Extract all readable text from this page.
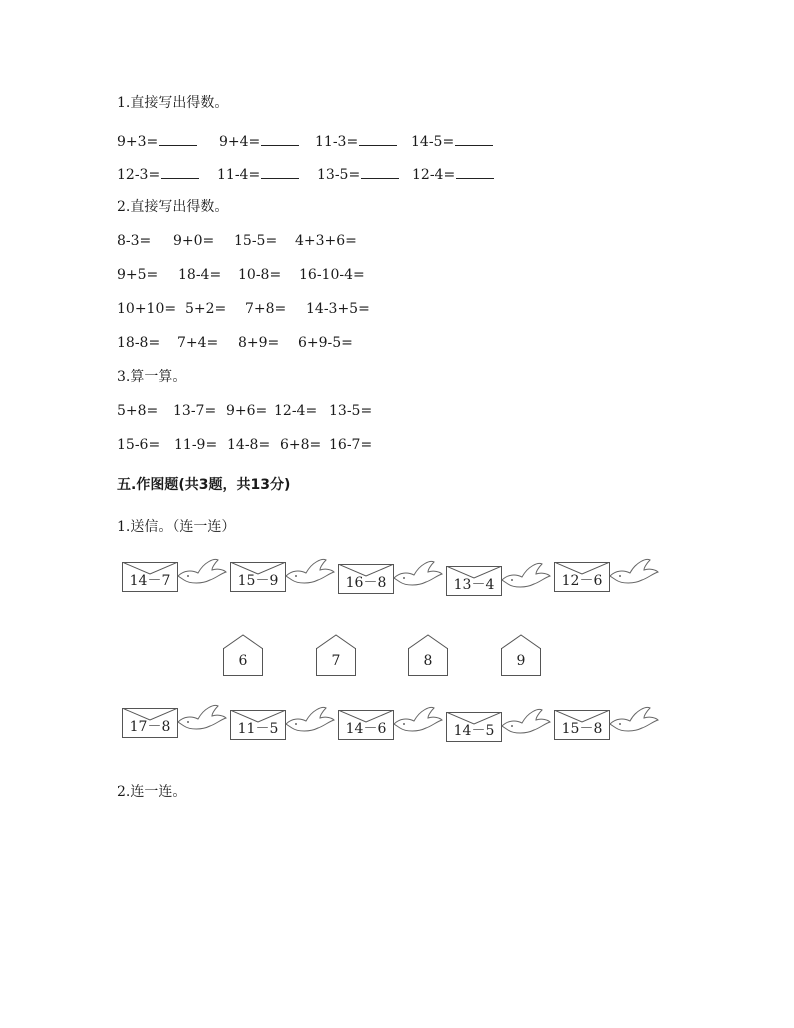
1.直接写出得数。
9+3=	9+4=	11-3=	14-5=
12-3=	11-4=	13-5=	12-4=
2.直接写出得数。
8-3= 9+0= 15-5= 4+3+6=
9+5= 18-4= 10-8= 16-10-4=
10+10= 5+2= 7+8= 14-3+5=
18-8= 7+4= 8+9= 6+9-5=
3.算一算。
5+8= 13-7= 9+6= 12-4= 13-5=
15-6= 11-9= 14-8= 6+8= 16-7=
五.作图题(共3题，共13分)
1.送信。（连一连）
14－7	15－9	16－8	13－4	12－6
6	7	8	9
17－8	11－5	14－6	14－5	15－8
2.连一连。
